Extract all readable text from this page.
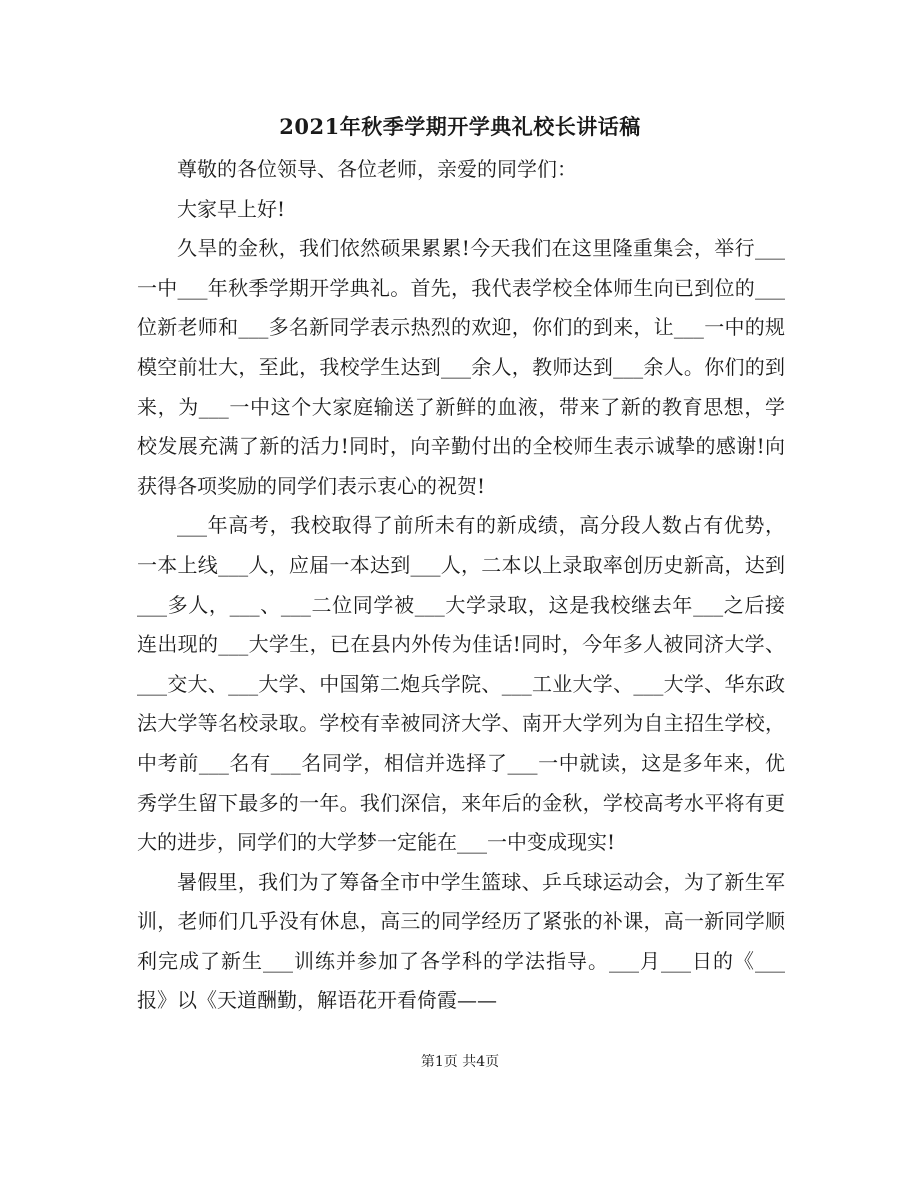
2021年秋季学期开学典礼校长讲话稿

尊敬的各位领导、各位老师，亲爱的同学们：

大家早上好!

久旱的金秋，我们依然硕果累累!今天我们在这里隆重集会，举行___一中___年秋季学期开学典礼。首先，我代表学校全体师生向已到位的___位新老师和___多名新同学表示热烈的欢迎，你们的到来，让___一中的规模空前壮大，至此，我校学生达到___余人，教师达到___余人。你们的到来，为___一中这个大家庭输送了新鲜的血液，带来了新的教育思想，学校发展充满了新的活力!同时，向辛勤付出的全校师生表示诚挚的感谢!向获得各项奖励的同学们表示衷心的祝贺!

___年高考，我校取得了前所未有的新成绩，高分段人数占有优势，一本上线___人，应届一本达到___人，二本以上录取率创历史新高，达到___多人，___、___二位同学被___大学录取，这是我校继去年___之后接连出现的___大学生，已在县内外传为佳话!同时，今年多人被同济大学、___交大、___大学、中国第二炮兵学院、___工业大学、___大学、华东政法大学等名校录取。学校有幸被同济大学、南开大学列为自主招生学校，中考前___名有___名同学，相信并选择了___一中就读，这是多年来，优秀学生留下最多的一年。我们深信，来年后的金秋，学校高考水平将有更大的进步，同学们的大学梦一定能在___一中变成现实!

暑假里，我们为了筹备全市中学生篮球、乒乓球运动会，为了新生军训，老师们几乎没有休息，高三的同学经历了紧张的补课，高一新同学顺利完成了新生___训练并参加了各学科的学法指导。___月___日的《___报》以《天道酬勤，解语花开看倚霞——

第1页 共4页
